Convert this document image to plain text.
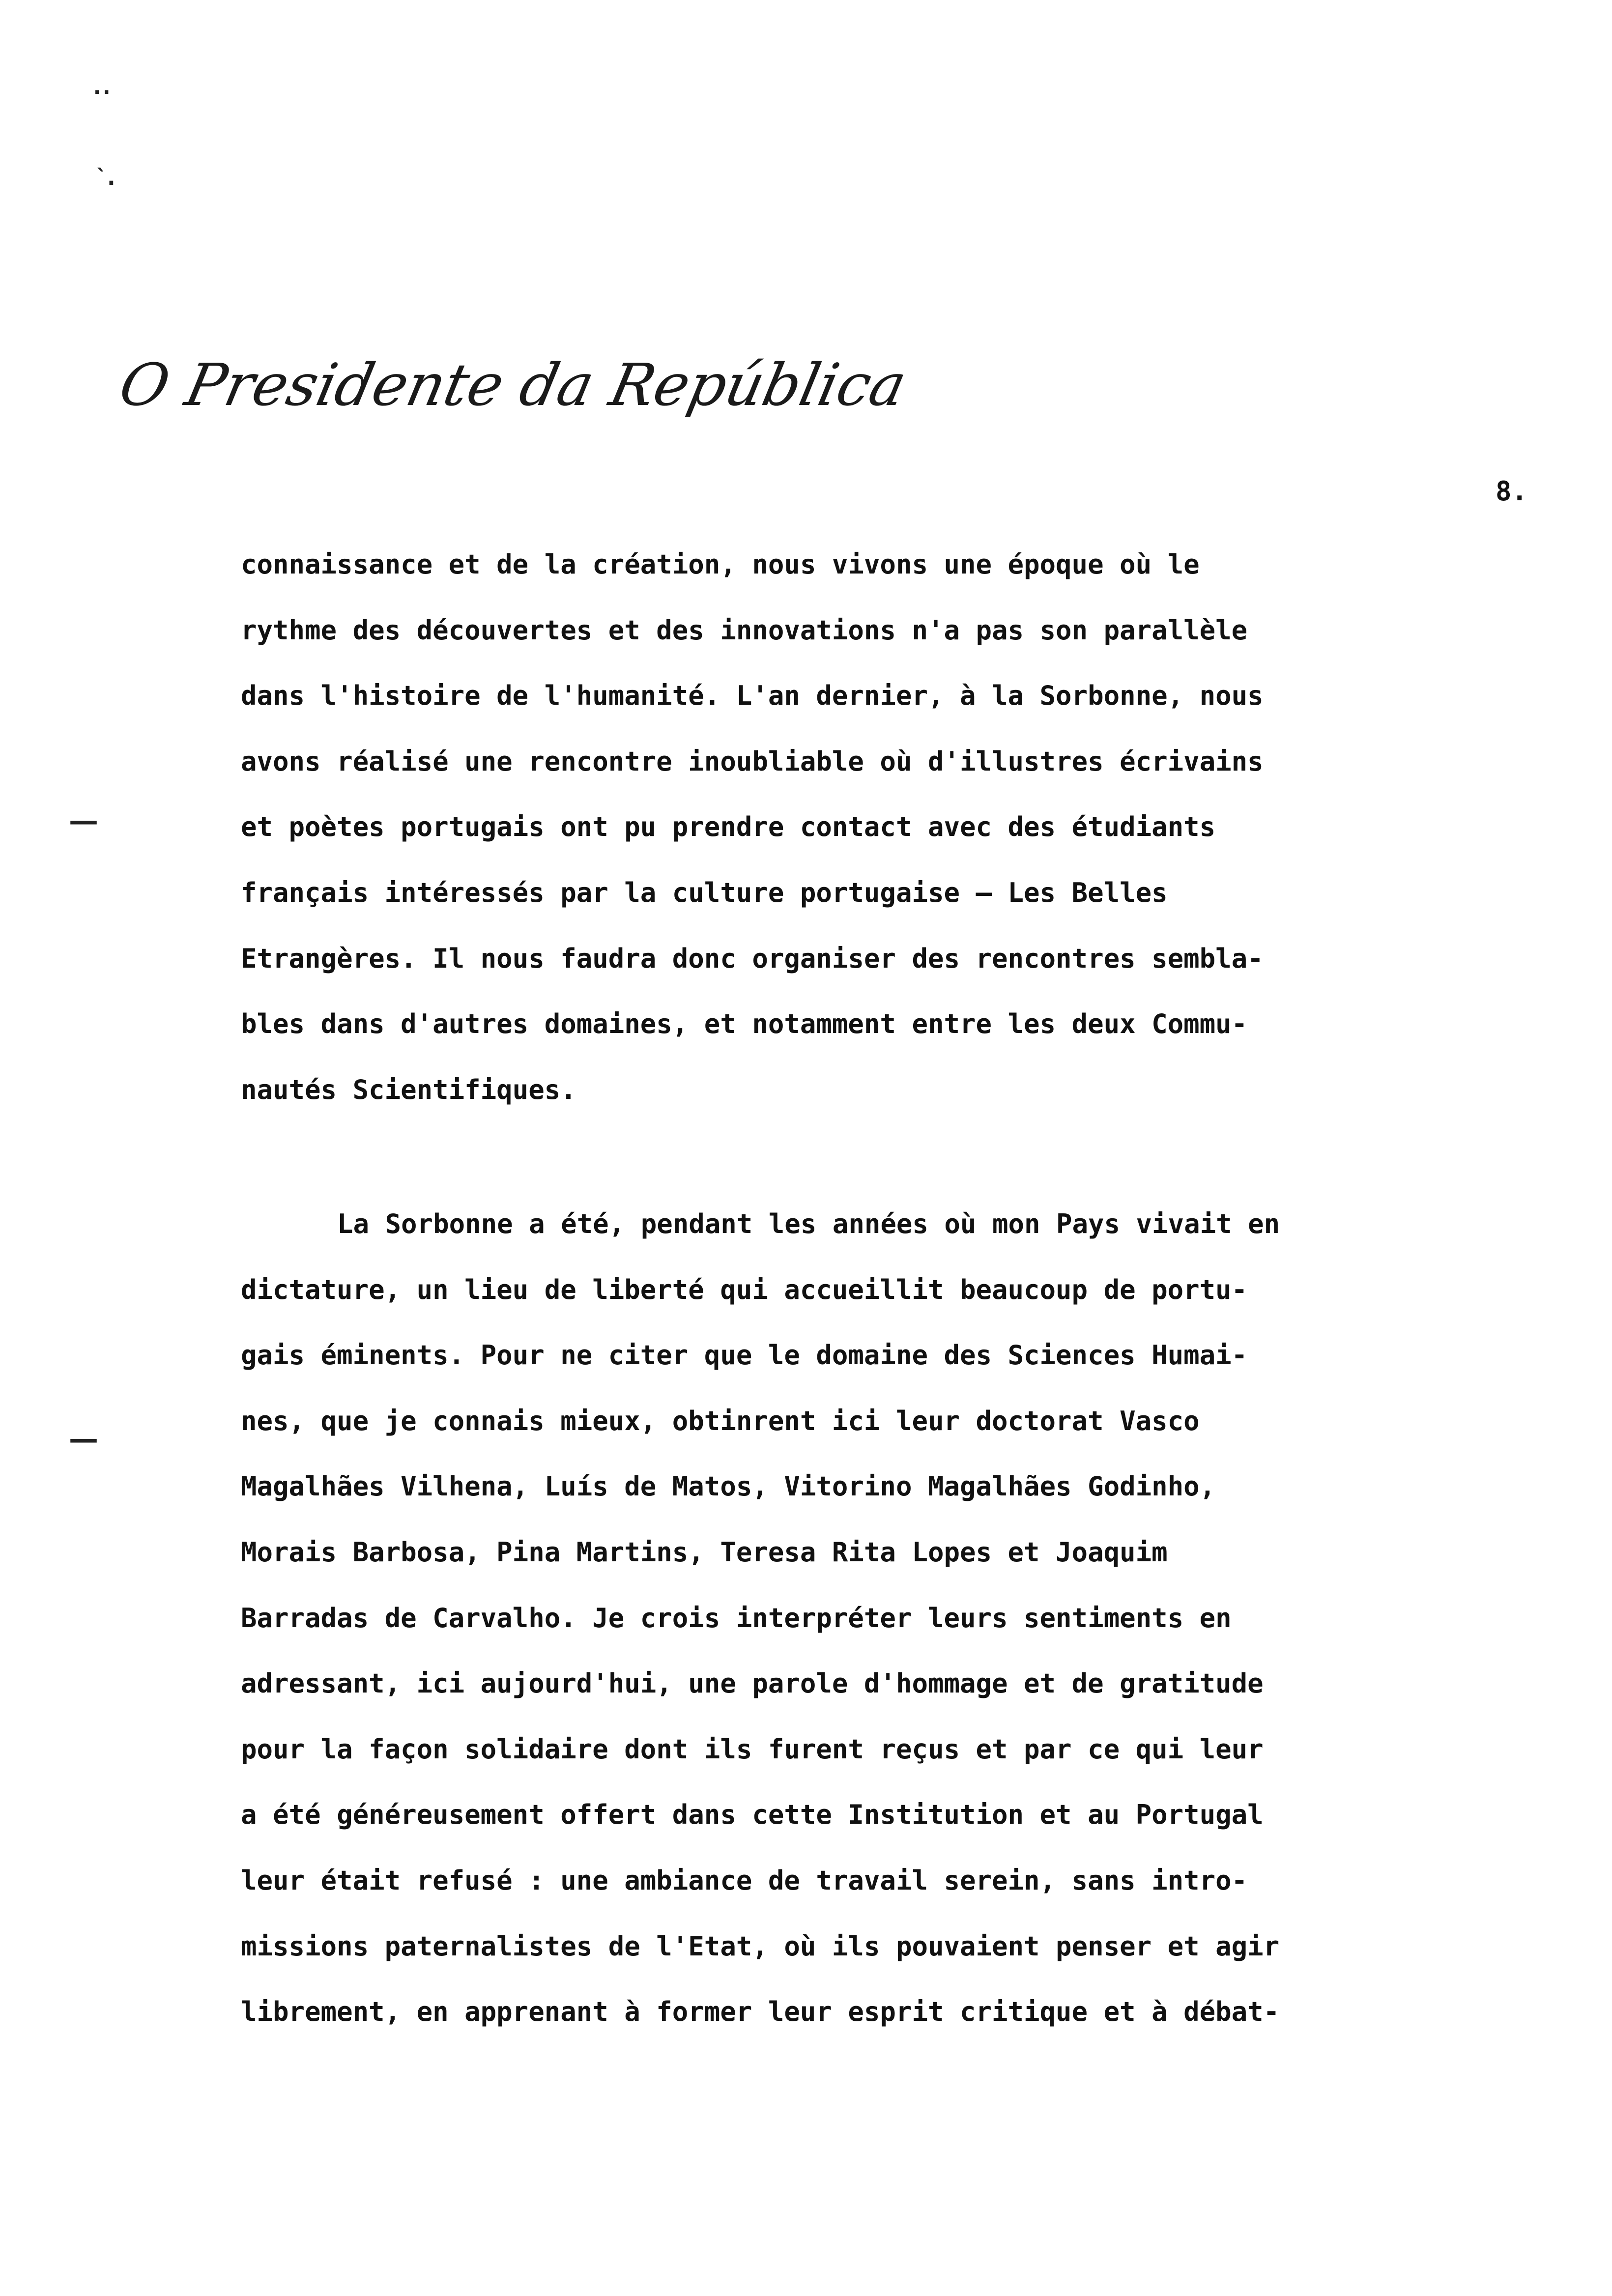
..
`.
—
—
O Presidente da República
8.
connaissance et de la création, nous vivons une époque où le
rythme des découvertes et des innovations n'a pas son parallèle
dans l'histoire de l'humanité. L'an dernier, à la Sorbonne, nous
avons réalisé une rencontre inoubliable où d'illustres écrivains
et poètes portugais ont pu prendre contact avec des étudiants
français intéressés par la culture portugaise – Les Belles
Etrangères. Il nous faudra donc organiser des rencontres sembla-
bles dans d'autres domaines, et notamment entre les deux Commu-
nautés Scientifiques.
La Sorbonne a été, pendant les années où mon Pays vivait en
dictature, un lieu de liberté qui accueillit beaucoup de portu-
gais éminents. Pour ne citer que le domaine des Sciences Humai-
nes, que je connais mieux, obtinrent ici leur doctorat Vasco
Magalhães Vilhena, Luís de Matos, Vitorino Magalhães Godinho,
Morais Barbosa, Pina Martins, Teresa Rita Lopes et Joaquim
Barradas de Carvalho. Je crois interpréter leurs sentiments en
adressant, ici aujourd'hui, une parole d'hommage et de gratitude
pour la façon solidaire dont ils furent reçus et par ce qui leur
a été généreusement offert dans cette Institution et au Portugal
leur était refusé : une ambiance de travail serein, sans intro-
missions paternalistes de l'Etat, où ils pouvaient penser et agir
librement, en apprenant à former leur esprit critique et à débat-
